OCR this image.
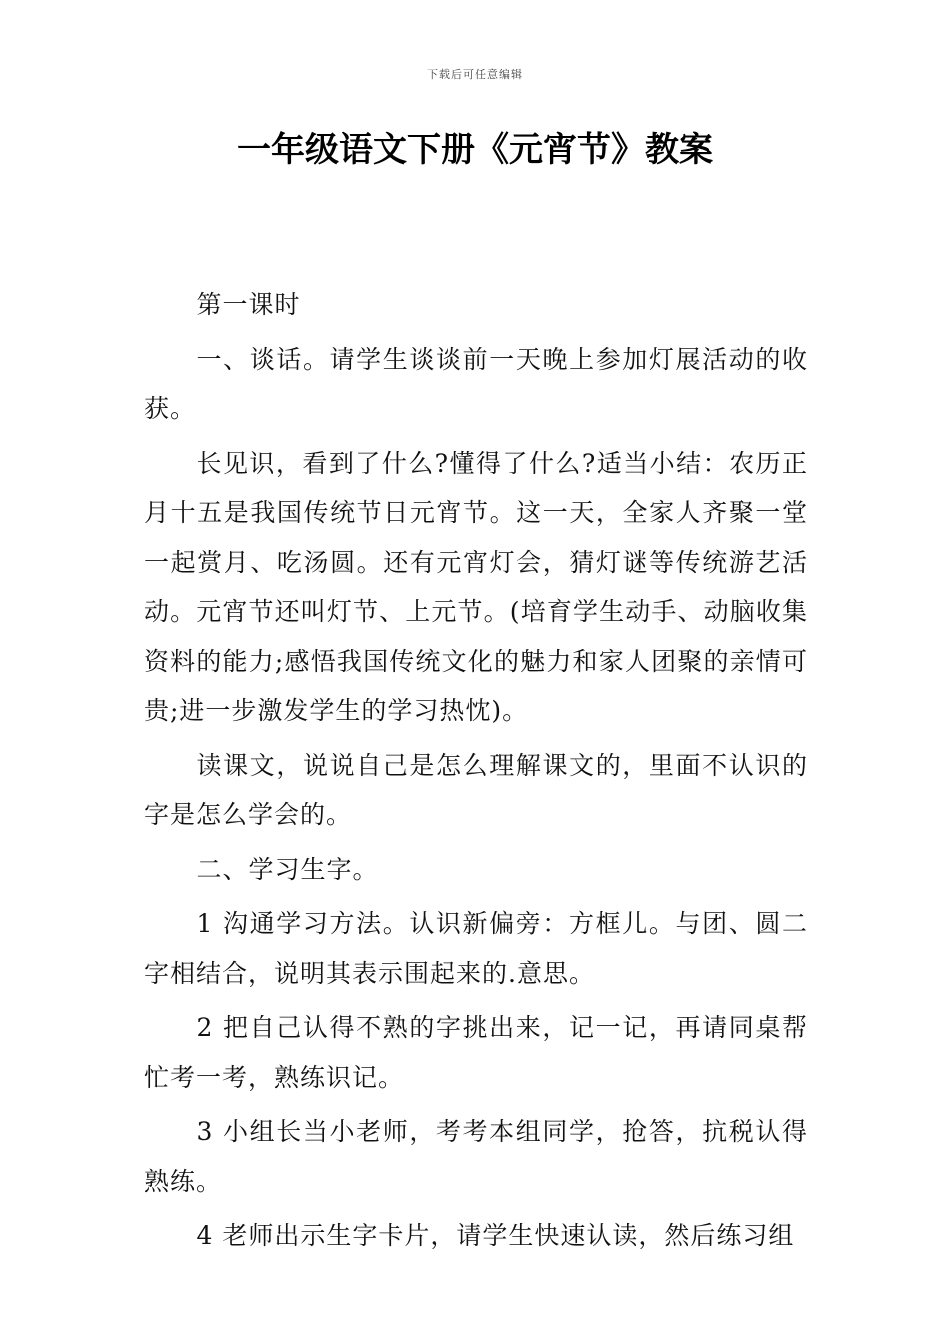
下载后可任意编辑
一年级语文下册《元宵节》教案

第一课时

一、谈话。请学生谈谈前一天晚上参加灯展活动的收获。

长见识，看到了什么?懂得了什么?适当小结：农历正月十五是我国传统节日元宵节。这一天，全家人齐聚一堂一起赏月、吃汤圆。还有元宵灯会，猜灯谜等传统游艺活动。元宵节还叫灯节、上元节。(培育学生动手、动脑收集资料的能力;感悟我国传统文化的魅力和家人团聚的亲情可贵;进一步激发学生的学习热忱)。

读课文，说说自己是怎么理解课文的，里面不认识的字是怎么学会的。

二、学习生字。

1 沟通学习方法。认识新偏旁：方框儿。与团、圆二字相结合，说明其表示围起来的.意思。

2 把自己认得不熟的字挑出来，记一记，再请同桌帮忙考一考，熟练识记。

3 小组长当小老师，考考本组同学，抢答，抗税认得熟练。

4 老师出示生字卡片，请学生快速认读，然后练习组
